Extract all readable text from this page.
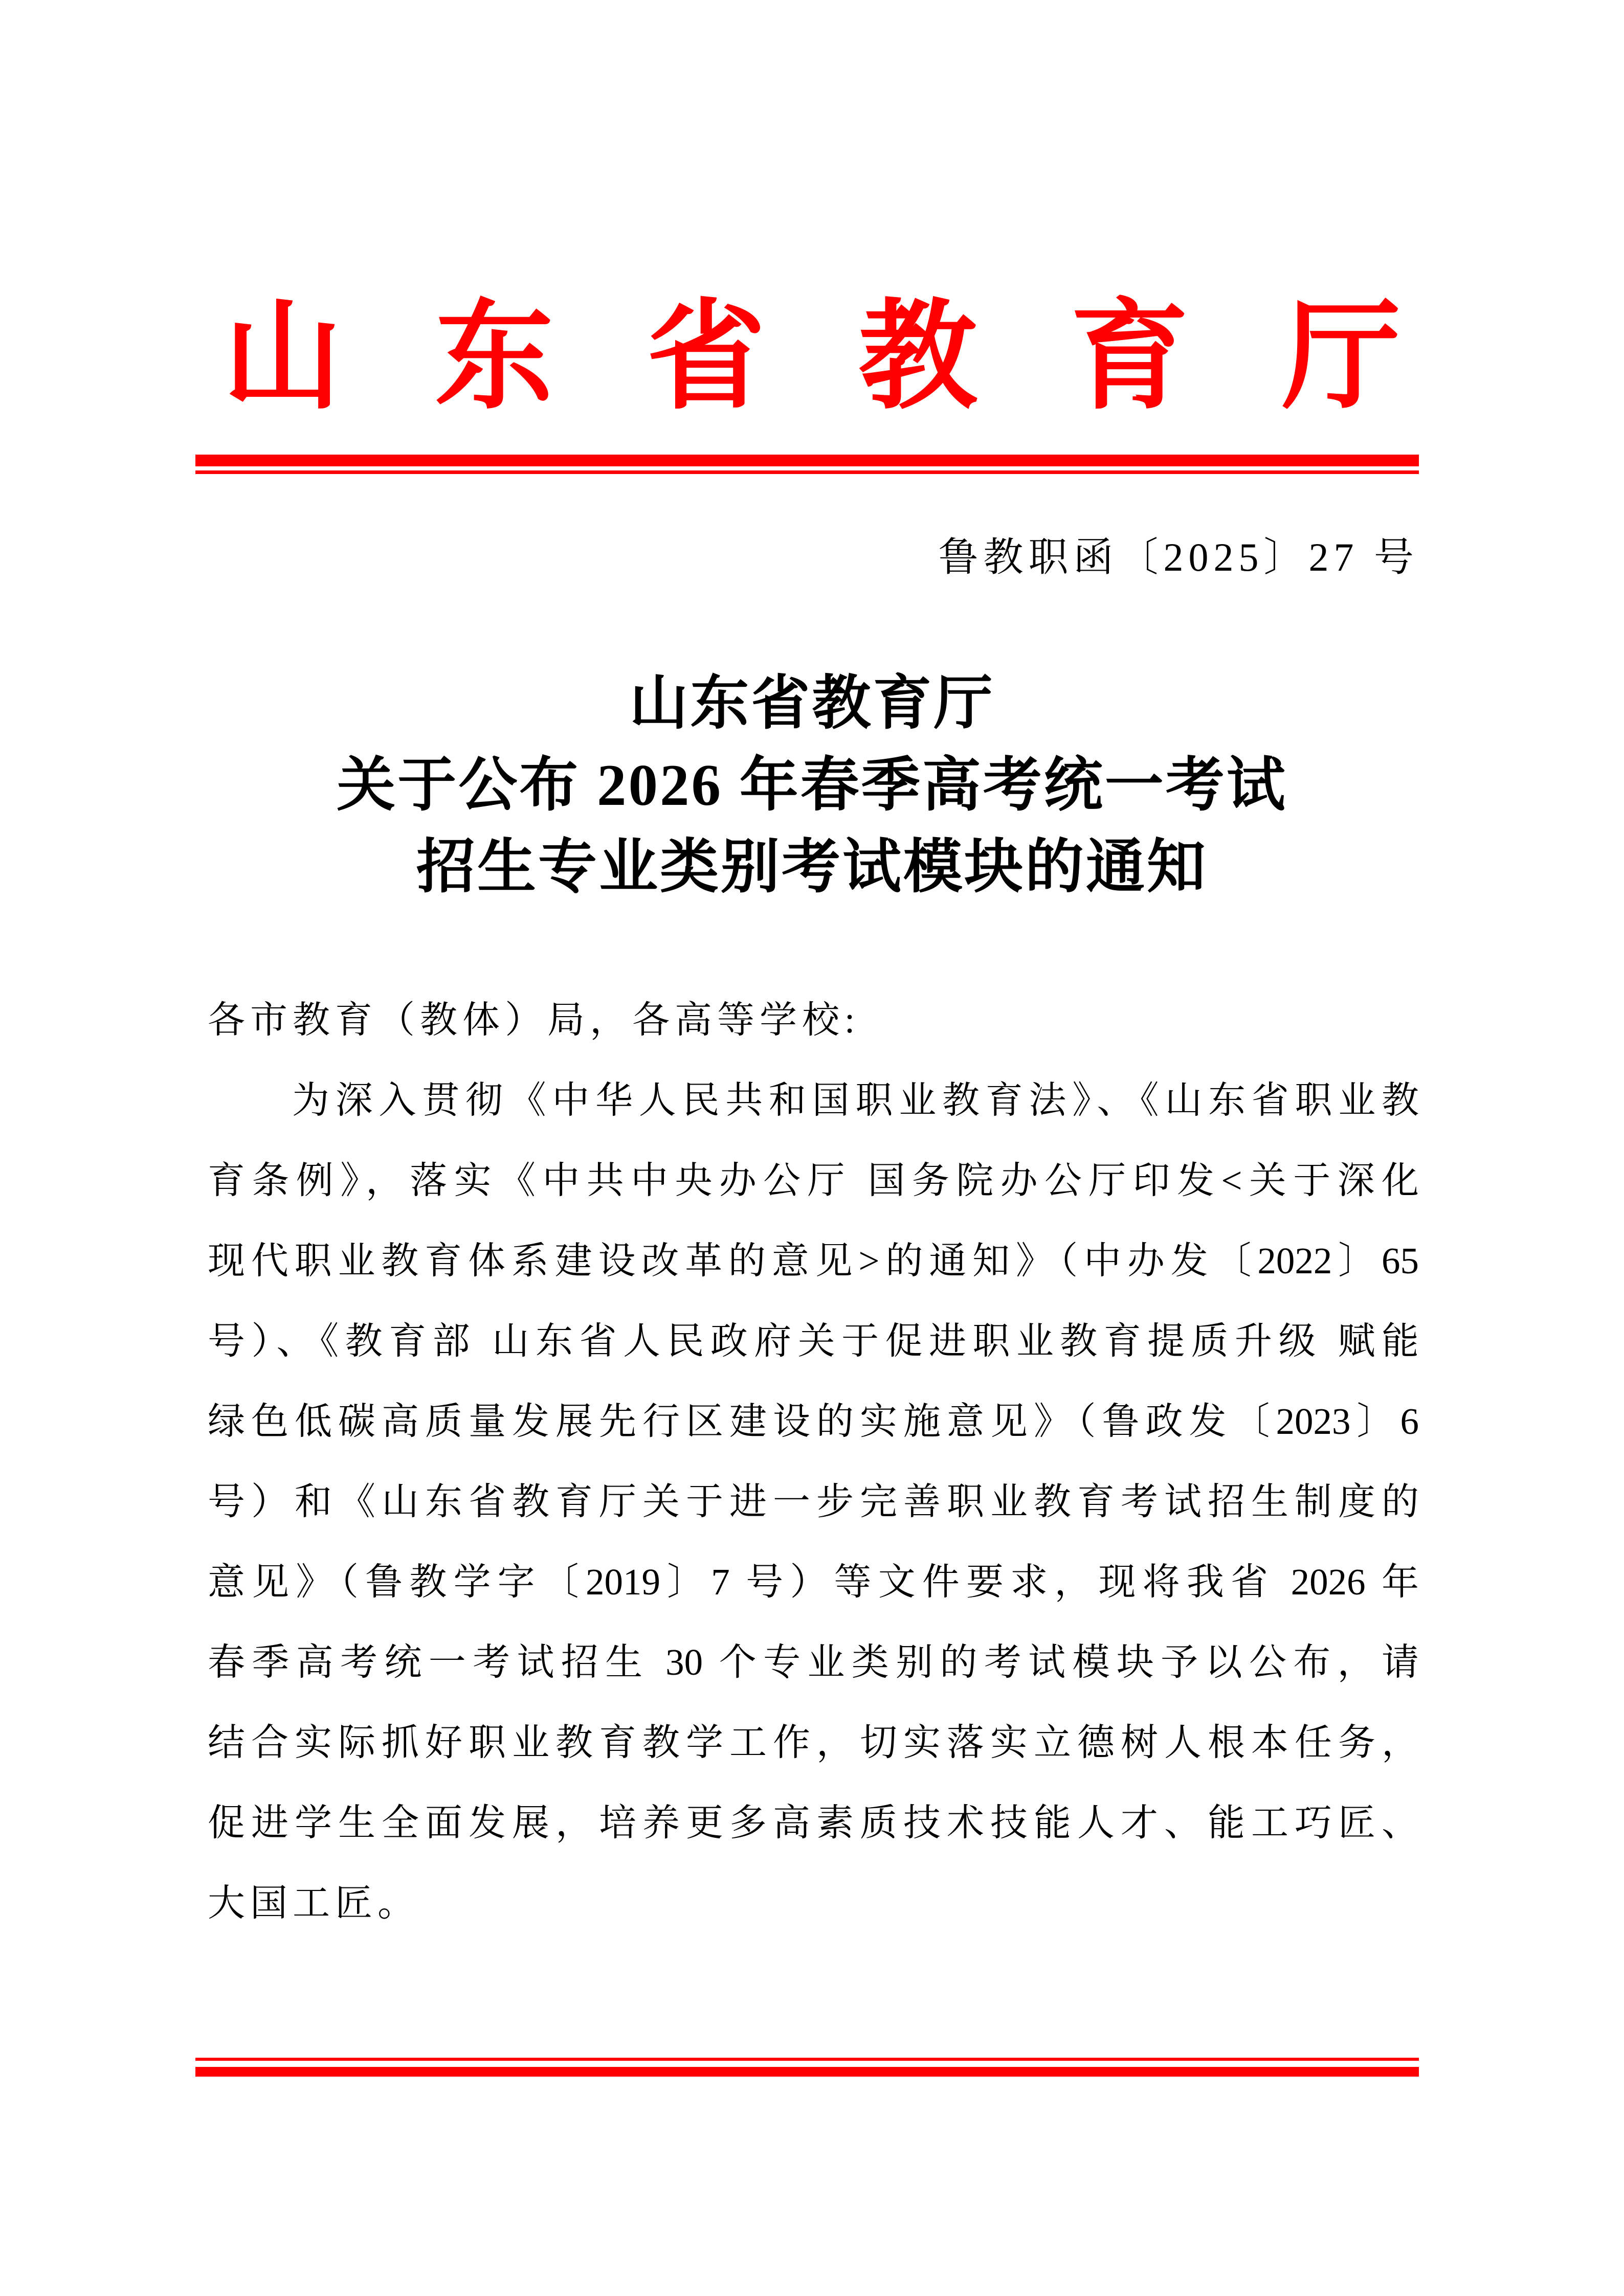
山东省教育厅
鲁教职函〔2025〕27 号
山东省教育厅
关于公布 2026 年春季高考统一考试
招生专业类别考试模块的通知
各市教育（教体）局，各高等学校:
为深入贯彻《中华人民共和国职业教育法》、《山东省职业教
育条例》，落实《中共中央办公厅 国务院办公厅印发<关于深化
现代职业教育体系建设改革的意见>的通知》（中办发〔2022〕65
号）、《教育部 山东省人民政府关于促进职业教育提质升级 赋能
绿色低碳高质量发展先行区建设的实施意见》（鲁政发〔2023〕6
号）和《山东省教育厅关于进一步完善职业教育考试招生制度的
意见》（鲁教学字〔2019〕7 号）等文件要求，现将我省 2026 年
春季高考统一考试招生 30 个专业类别的考试模块予以公布，请
结合实际抓好职业教育教学工作，切实落实立德树人根本任务，
促进学生全面发展，培养更多高素质技术技能人才、能工巧匠、
大国工匠。
